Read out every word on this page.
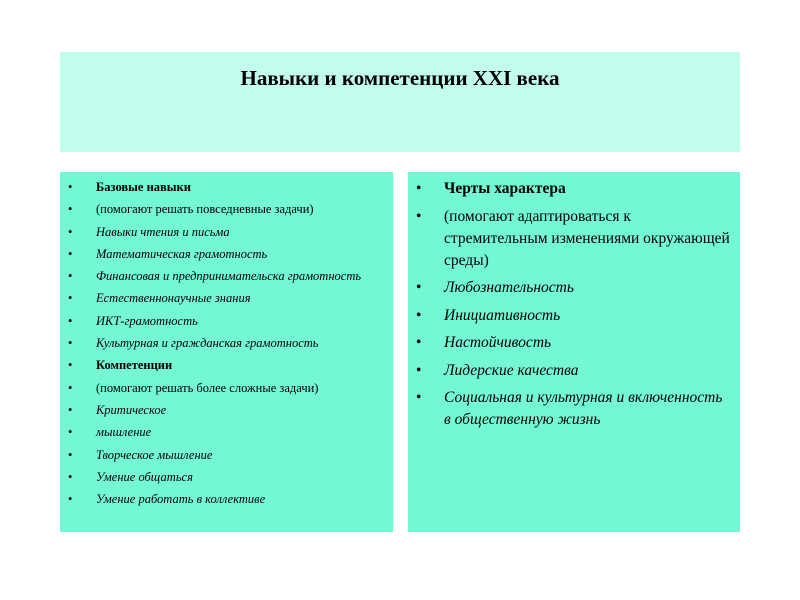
Навыки и компетенции XXI века
• Базовые навыки
• (помогают решать повседневные задачи)
• Навыки чтения и письма
• Математическая грамотность
• Финансовая и предпринимательска грамотность
• Естественнонаучные знания
• ИКТ-грамотность
• Культурная и гражданская грамотность
• Компетенции
• (помогают решать более сложные задачи)
• Критическое
• мышление
• Творческое мышление
• Умение общаться
• Умение работать в коллективе
• Черты характера
• (помогают адаптироваться к стремительным изменениями окружающей среды)
• Любознательность
• Инициативность
• Настойчивость
• Лидерские качества
• Социальная и культурная и включенность в общественную жизнь
